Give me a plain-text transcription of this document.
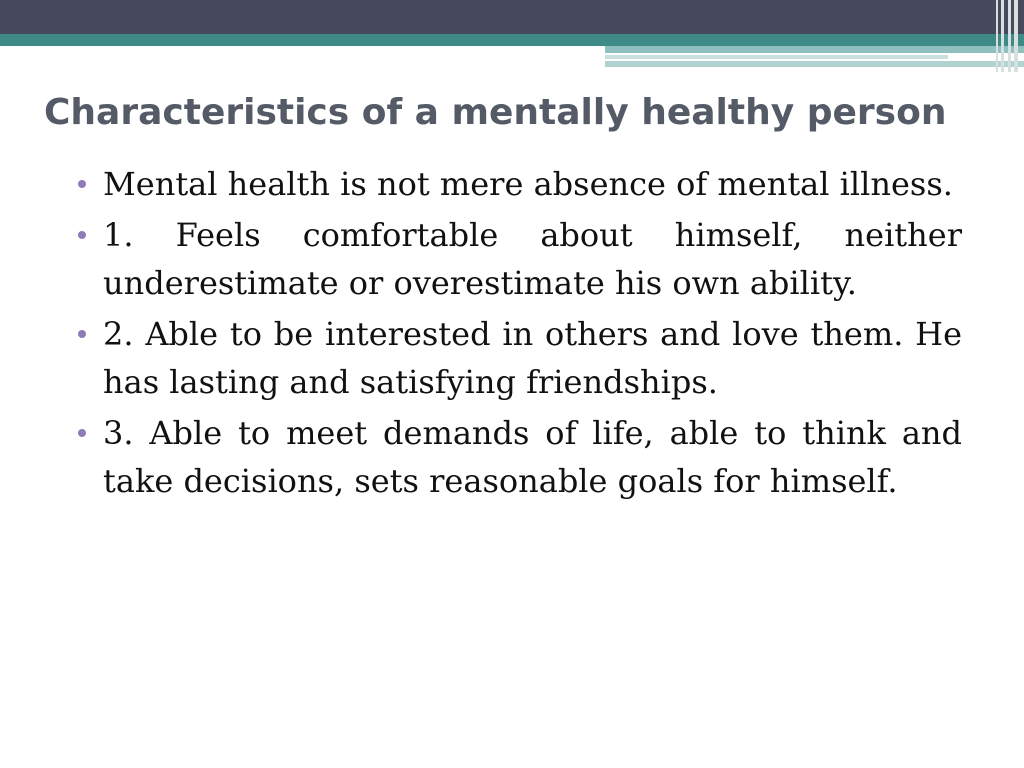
Characteristics of a mentally healthy person
Mental health is not mere absence of mental illness.
1. Feels comfortable about himself, neither underestimate or overestimate his own ability.
2. Able to be interested in others and love them. He has lasting and satisfying friendships.
3. Able to meet demands of life, able to think and take decisions, sets reasonable goals for himself.
